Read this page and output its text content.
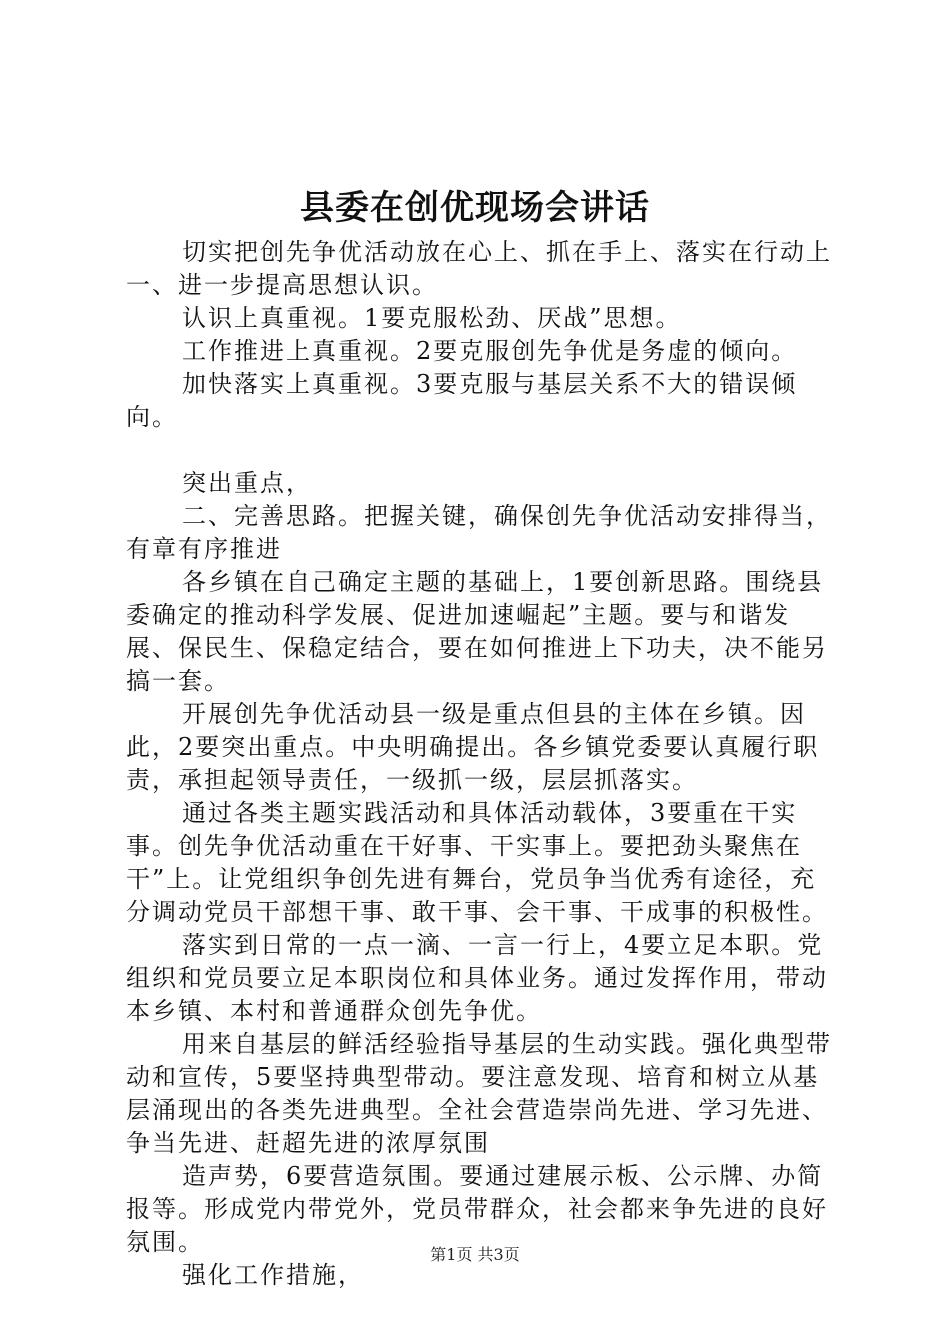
县委在创优现场会讲话

切实把创先争优活动放在心上、抓在手上、落实在行动上一、进一步提高思想认识。

认识上真重视。1要克服松劲、厌战”思想。

工作推进上真重视。2要克服创先争优是务虚的倾向。

加快落实上真重视。3要克服与基层关系不大的错误倾向。

突出重点，

二、完善思路。把握关键，确保创先争优活动安排得当，有章有序推进

各乡镇在自己确定主题的基础上，1要创新思路。围绕县委确定的推动科学发展、促进加速崛起”主题。要与和谐发展、保民生、保稳定结合，要在如何推进上下功夫，决不能另搞一套。

开展创先争优活动县一级是重点但县的主体在乡镇。因此，2要突出重点。中央明确提出。各乡镇党委要认真履行职责，承担起领导责任，一级抓一级，层层抓落实。

通过各类主题实践活动和具体活动载体，3要重在干实事。创先争优活动重在干好事、干实事上。要把劲头聚焦在干”上。让党组织争创先进有舞台，党员争当优秀有途径，充分调动党员干部想干事、敢干事、会干事、干成事的积极性。

落实到日常的一点一滴、一言一行上，4要立足本职。党组织和党员要立足本职岗位和具体业务。通过发挥作用，带动本乡镇、本村和普通群众创先争优。

用来自基层的鲜活经验指导基层的生动实践。强化典型带动和宣传，5要坚持典型带动。要注意发现、培育和树立从基层涌现出的各类先进典型。全社会营造崇尚先进、学习先进、争当先进、赶超先进的浓厚氛围

造声势，6要营造氛围。要通过建展示板、公示牌、办简报等。形成党内带党外，党员带群众，社会都来争先进的良好氛围。

强化工作措施，

第1页 共3页
